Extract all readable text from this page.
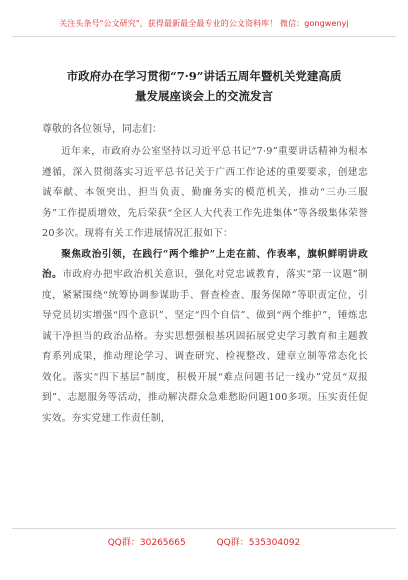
关注头条号"公文研究"，获得最新最全最专业的公文资料库！ 微信：gongwenyj
市政府办在学习贯彻“7·9”讲话五周年暨机关党建高质
量发展座谈会上的交流发言
尊敬的各位领导，同志们：

近年来，市政府办公室坚持以习近平总书记“7·9”重要讲话精神为根本遵循，深入贯彻落实习近平总书记关于广西工作论述的重要要求，创建忠诚奉献、本领突出、担当负责、勤廉务实的模范机关，推动“三办三服务”工作提质增效，先后荣获“全区人大代表工作先进集体”等各级集体荣誉20多次。现将有关工作进展情况汇报如下：

聚焦政治引领，在践行“两个维护”上走在前、作表率，旗帜鲜明讲政治。市政府办把牢政治机关意识，强化对党忠诚教育，落实“第一议题”制度，紧紧围绕“统筹协调参谋助手、督查检查、服务保障”等职责定位，引导党员切实增强“四个意识”、坚定“四个自信”、做到“两个维护”，锤炼忠诚干净担当的政治品格。夯实思想强根基巩固拓展党史学习教育和主题教育系列成果，推动理论学习、调查研究、检视整改、建章立制等常态化长效化。落实“四下基层”制度，积极开展“难点问题书记一线办”党员“双报到”、志愿服务等活动，推动解决群众急难愁盼问题100多项。压实责任促实效。夯实党建工作责任制，

QQ群：30265665	QQ群：535304092
